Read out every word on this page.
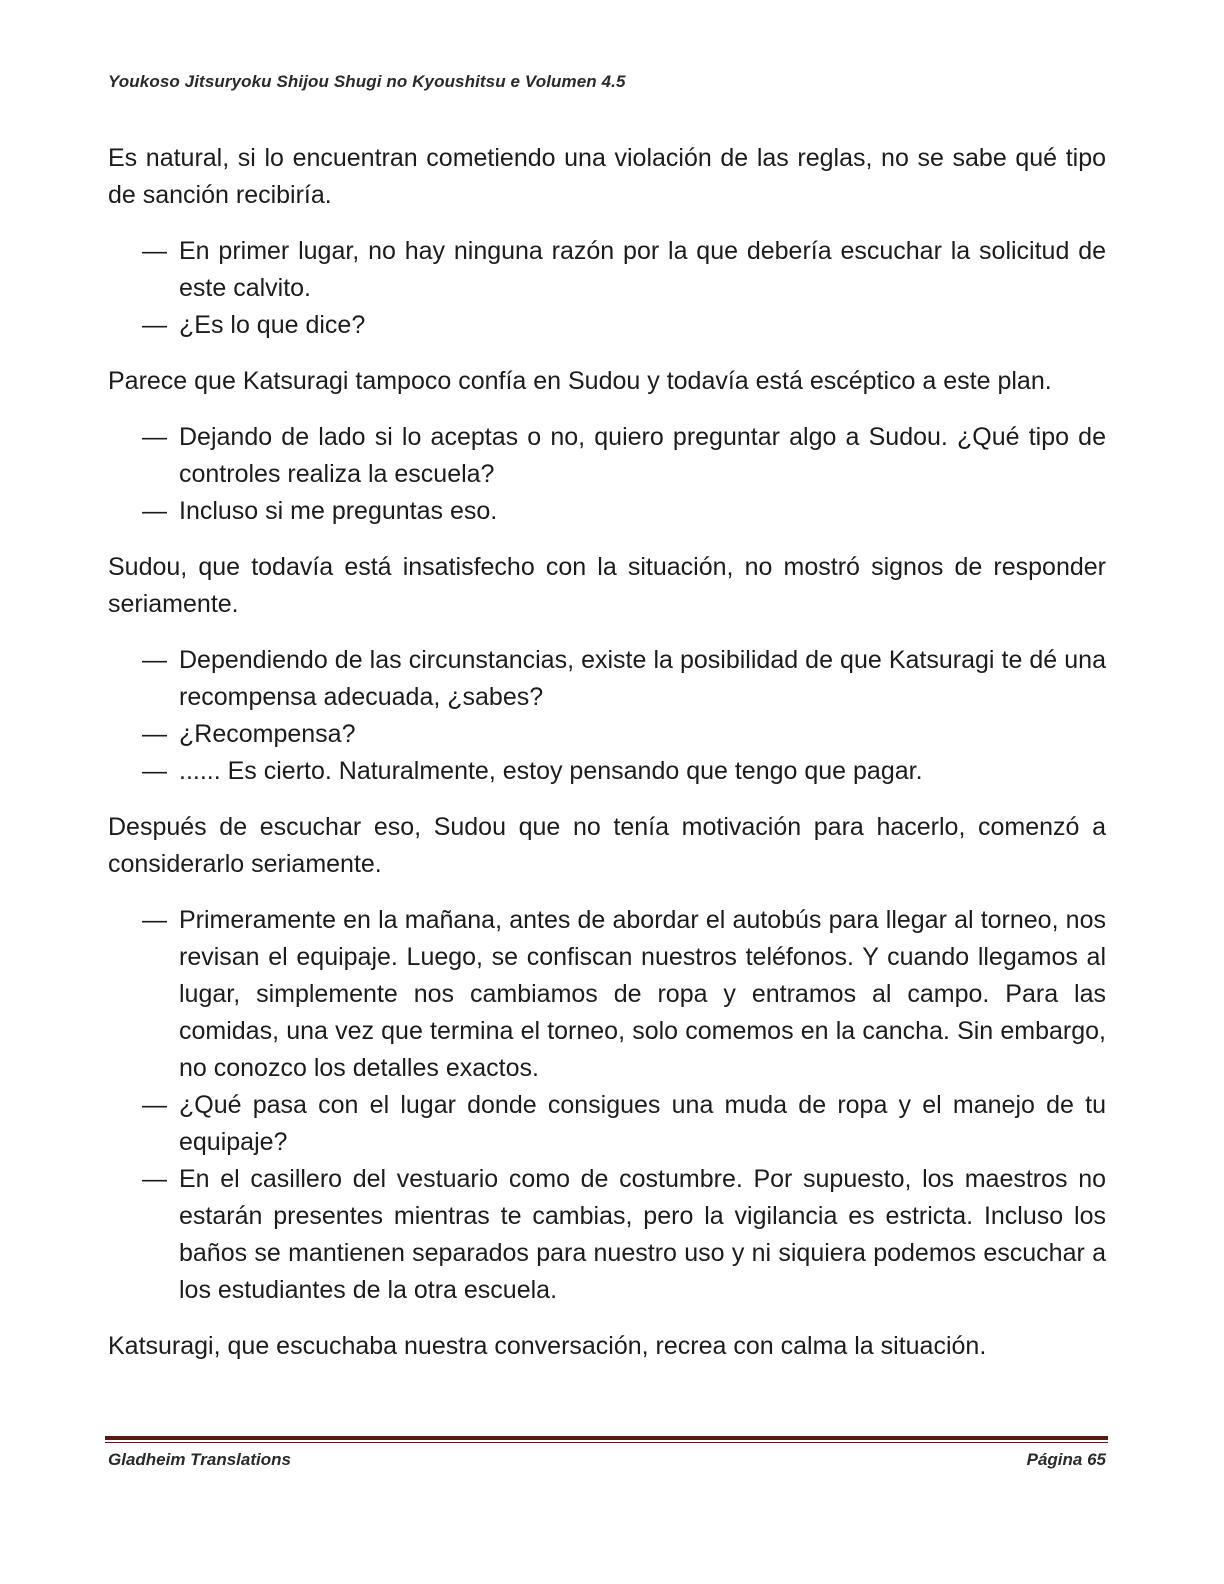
Youkoso Jitsuryoku Shijou Shugi no Kyoushitsu e Volumen 4.5

Es natural, si lo encuentran cometiendo una violación de las reglas, no se sabe qué tipo de sanción recibiría.

— En primer lugar, no hay ninguna razón por la que debería escuchar la solicitud de este calvito.

— ¿Es lo que dice?

Parece que Katsuragi tampoco confía en Sudou y todavía está escéptico a este plan.

— Dejando de lado si lo aceptas o no, quiero preguntar algo a Sudou. ¿Qué tipo de controles realiza la escuela?

— Incluso si me preguntas eso.

Sudou, que todavía está insatisfecho con la situación, no mostró signos de responder seriamente.

— Dependiendo de las circunstancias, existe la posibilidad de que Katsuragi te dé una recompensa adecuada, ¿sabes?

— ¿Recompensa?

— ...... Es cierto. Naturalmente, estoy pensando que tengo que pagar.

Después de escuchar eso, Sudou que no tenía motivación para hacerlo, comenzó a considerarlo seriamente.

— Primeramente en la mañana, antes de abordar el autobús para llegar al torneo, nos revisan el equipaje. Luego, se confiscan nuestros teléfonos. Y cuando llegamos al lugar, simplemente nos cambiamos de ropa y entramos al campo. Para las comidas, una vez que termina el torneo, solo comemos en la cancha. Sin embargo, no conozco los detalles exactos.

— ¿Qué pasa con el lugar donde consigues una muda de ropa y el manejo de tu equipaje?

— En el casillero del vestuario como de costumbre. Por supuesto, los maestros no estarán presentes mientras te cambias, pero la vigilancia es estricta. Incluso los baños se mantienen separados para nuestro uso y ni siquiera podemos escuchar a los estudiantes de la otra escuela.

Katsuragi, que escuchaba nuestra conversación, recrea con calma la situación.

Gladheim Translations	Página 65
